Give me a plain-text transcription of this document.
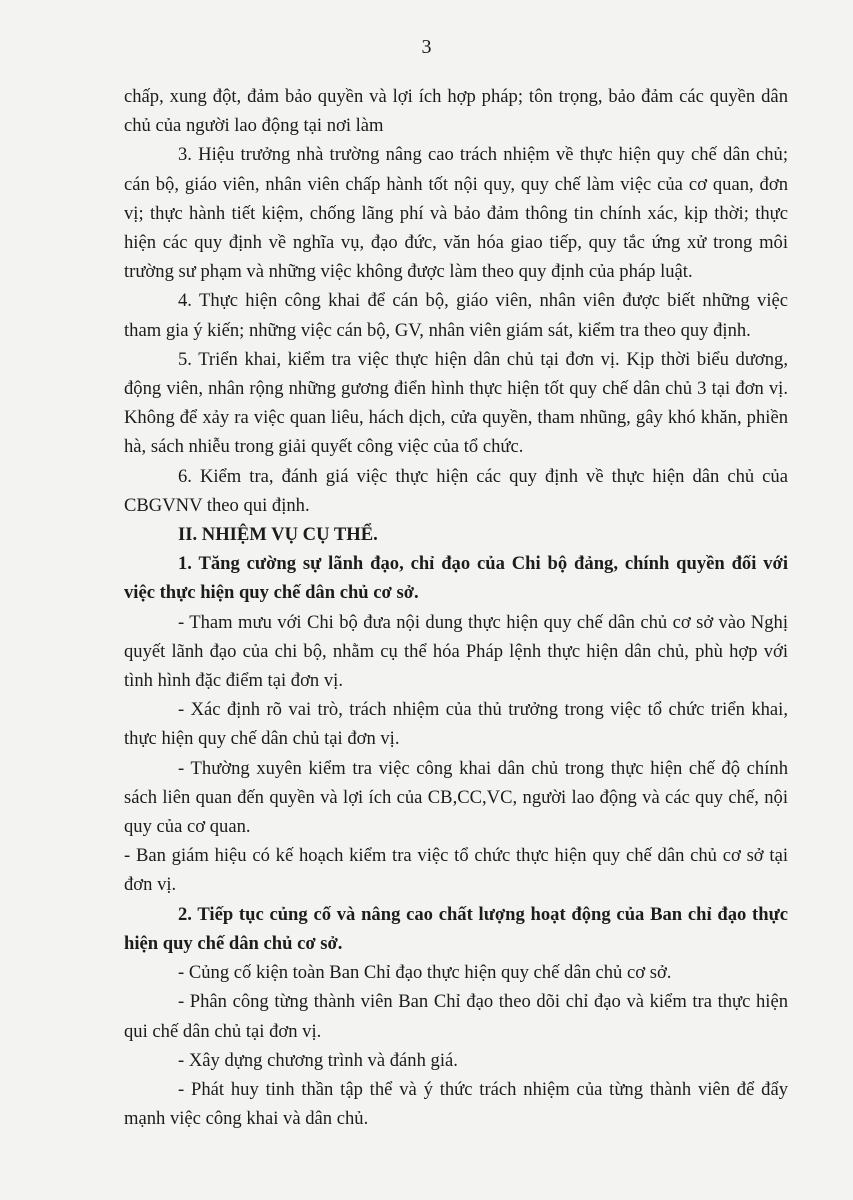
3

chấp, xung đột, đảm bảo quyền và lợi ích hợp pháp; tôn trọng, bảo đảm các quyền dân chủ của người lao động tại nơi làm

3. Hiệu trưởng nhà trường nâng cao trách nhiệm về thực hiện quy chế dân chủ; cán bộ, giáo viên, nhân viên chấp hành tốt nội quy, quy chế làm việc của cơ quan, đơn vị; thực hành tiết kiệm, chống lãng phí và bảo đảm thông tin chính xác, kịp thời; thực hiện các quy định về nghĩa vụ, đạo đức, văn hóa giao tiếp, quy tắc ứng xử trong môi trường sư phạm và những việc không được làm theo quy định của pháp luật.

4. Thực hiện công khai để cán bộ, giáo viên, nhân viên được biết những việc tham gia ý kiến; những việc cán bộ, GV, nhân viên giám sát, kiểm tra theo quy định.

5. Triển khai, kiểm tra việc thực hiện dân chủ tại đơn vị. Kịp thời biểu dương, động viên, nhân rộng những gương điển hình thực hiện tốt quy chế dân chủ 3 tại đơn vị. Không để xảy ra việc quan liêu, hách dịch, cửa quyền, tham nhũng, gây khó khăn, phiền hà, sách nhiễu trong giải quyết công việc của tổ chức.

6. Kiểm tra, đánh giá việc thực hiện các quy định về thực hiện dân chủ của CBGVNV theo qui định.

II. NHIỆM VỤ CỤ THỂ.

1. Tăng cường sự lãnh đạo, chỉ đạo của Chi bộ đảng, chính quyền đối với việc thực hiện quy chế dân chủ cơ sở.

- Tham mưu với Chi bộ đưa nội dung thực hiện quy chế dân chủ cơ sở vào Nghị quyết lãnh đạo của chi bộ, nhằm cụ thể hóa Pháp lệnh thực hiện dân chủ, phù hợp với tình hình đặc điểm tại đơn vị.

- Xác định rõ vai trò, trách nhiệm của thủ trưởng trong việc tổ chức triển khai, thực hiện quy chế dân chủ tại đơn vị.

- Thường xuyên kiểm tra việc công khai dân chủ trong thực hiện chế độ chính sách liên quan đến quyền và lợi ích của CB,CC,VC, người lao động và các quy chế, nội quy của cơ quan.

- Ban giám hiệu có kế hoạch kiểm tra việc tổ chức thực hiện quy chế dân chủ cơ sở tại đơn vị.

2. Tiếp tục củng cố và nâng cao chất lượng hoạt động của Ban chỉ đạo thực hiện quy chế dân chủ cơ sở.

- Củng cố kiện toàn Ban Chỉ đạo thực hiện quy chế dân chủ cơ sở.

- Phân công từng thành viên Ban Chỉ đạo theo dõi chỉ đạo và kiểm tra thực hiện qui chế dân chủ tại đơn vị.

- Xây dựng chương trình và đánh giá.

- Phát huy tinh thần tập thể và ý thức trách nhiệm của từng thành viên để đẩy mạnh việc công khai và dân chủ.
